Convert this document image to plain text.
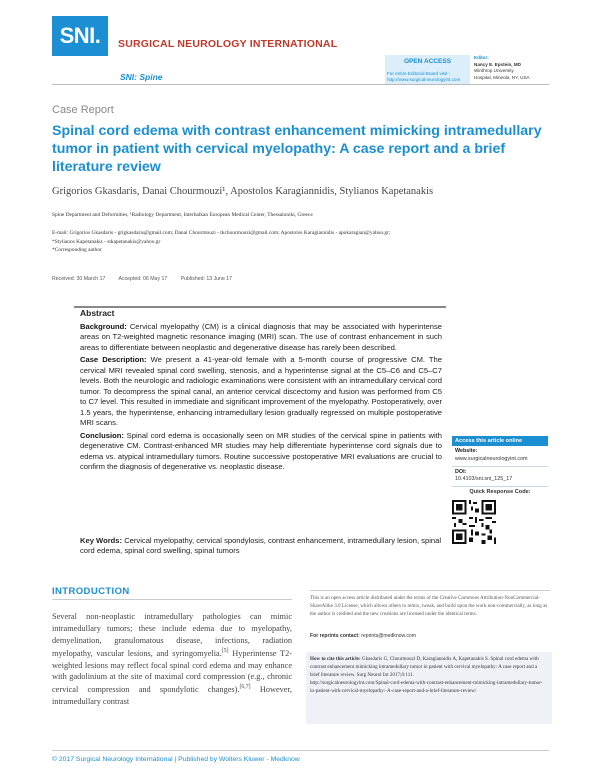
SNI.	SURGICAL NEUROLOGY INTERNATIONAL
SNI: Spine
OPEN ACCESS
For entire Editorial Board visit :
http://www.surgicalneurologyint.com
Editor:
Nancy E. Epstein, MD
Winthrop University
Hospital, Mineola, NY, USA
Case Report
Spinal cord edema with contrast enhancement mimicking intramedullary tumor in patient with cervical myelopathy: A case report and a brief literature review
Grigorios Gkasdaris, Danai Chourmouzi¹, Apostolos Karagiannidis, Stylianos Kapetanakis
Spine Department and Deformities, ¹Radiology Department, Interbalkan European Medical Center, Thessaloniki, Greece
E-mail: Grigorios Gkasdaris - grigkasdaris@gmail.com; Danai Chourmouzi - tkchourmouzi@gmail.com; Apostolos Karagiannidis - apokaragian@yahoo.gr;
*Stylianos Kapetanakis - stkapetanakis@yahoo.gr
*Corresponding author
Received: 30 March 17	Accepted: 06 May 17	Published: 13 June 17
Abstract

Background: Cervical myelopathy (CM) is a clinical diagnosis that may be associated with hyperintense areas on T2-weighted magnetic resonance imaging (MRI) scan. The use of contrast enhancement in such areas to differentiate between neoplastic and degenerative disease has rarely been described.

Case Description: We present a 41-year-old female with a 5-month course of progressive CM. The cervical MRI revealed spinal cord swelling, stenosis, and a hyperintense signal at the C5–C6 and C5–C7 levels. Both the neurologic and radiologic examinations were consistent with an intramedullary cervical cord tumor. To decompress the spinal canal, an anterior cervical discectomy and fusion was performed from C5 to C7 level. This resulted in immediate and significant improvement of the myelopathy. Postoperatively, over 1.5 years, the hyperintense, enhancing intramedullary lesion gradually regressed on multiple postoperative MRI scans.

Conclusion: Spinal cord edema is occasionally seen on MR studies of the cervical spine in patients with degenerative CM. Contrast-enhanced MR studies may help differentiate hyperintense cord signals due to edema vs. atypical intramedullary tumors. Routine successive postoperative MRI evaluations are crucial to confirm the diagnosis of degenerative vs. neoplastic disease.

Key Words: Cervical myelopathy, cervical spondylosis, contrast enhancement, intramedullary lesion, spinal cord edema, spinal cord swelling, spinal tumors
Access this article online
Website:
www.surgicalneurologyint.com
DOI:
10.4103/sni.sni_125_17
Quick Response Code:
INTRODUCTION
Several non-neoplastic intramedullary pathologies can mimic intramedullary tumors; these include edema due to myelopathy, demyelination, granulomatous disease, infections, radiation myelopathy, vascular lesions, and syringomyelia.[5] Hyperintense T2-weighted lesions may reflect focal spinal cord edema and may enhance with gadolinium at the site of maximal cord compression (e.g., chronic cervical compression and spondylotic changes).[6,7] However, intramedullary contrast
This is an open access article distributed under the terms of the Creative Commons Attribution-NonCommercial-ShareAlike 3.0 License, which allows others to remix, tweak, and build upon the work non-commercially, as long as the author is credited and the new creations are licensed under the identical terms.
For reprints contact: reprints@medknow.com
How to cite this article: Gkasdaris G, Chourmouzi D, Karagiannidis A, Kapetanakis S. Spinal cord edema with contrast enhancement mimicking intramedullary tumor in patient with cervical myelopathy: A case report and a brief literature review. Surg Neurol Int 2017;8:111.
http://surgicalneurologyint.com/Spinal-cord-edema-with-contrast-enhancement-mimicking-intramedullary-tumor-in-patient-with-cervical-myelopathy:-A-case-report-and-a-brief-literature-review/
© 2017 Surgical Neurology International | Published by Wolters Kluwer - Medknow
